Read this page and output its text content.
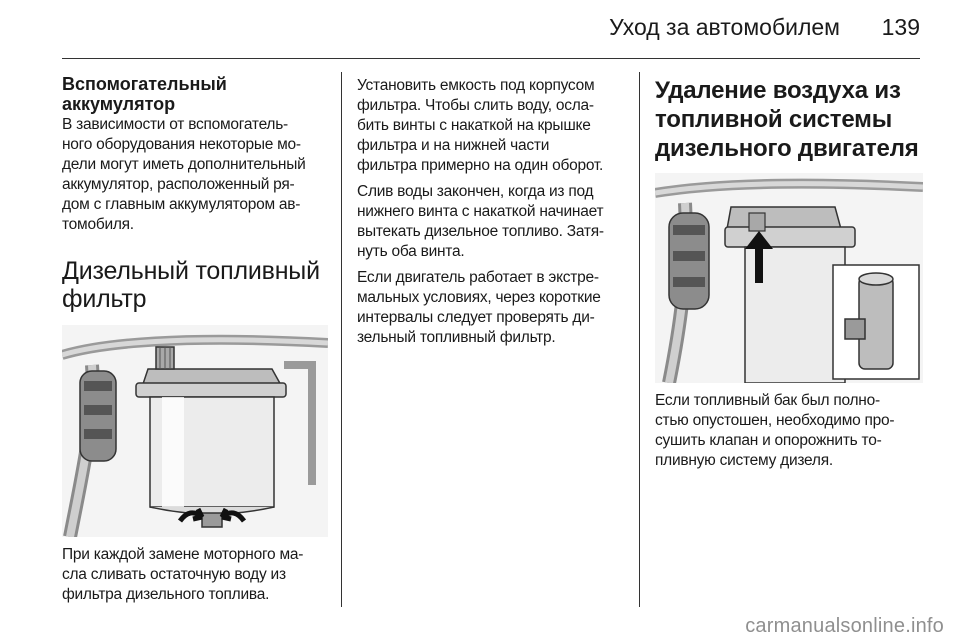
Уход за автомобилем 139
Вспомогательный
аккумулятор

В зависимости от вспомогатель-
ного оборудования некоторые мо-
дели могут иметь дополнительный
аккумулятор, расположенный ря-
дом с главным аккумулятором ав-
томобиля.

Дизельный топливный
фильтр

При каждой замене моторного ма-
сла сливать остаточную воду из
фильтра дизельного топлива.

Установить емкость под корпусом
фильтра. Чтобы слить воду, осла-
бить винты с накаткой на крышке
фильтра и на нижней части
фильтра примерно на один оборот.

Слив воды закончен, когда из под
нижнего винта с накаткой начинает
вытекать дизельное топливо. Затя-
нуть оба винта.

Если двигатель работает в экстре-
мальных условиях, через короткие
интервалы следует проверять ди-
зельный топливный фильтр.

Удаление воздуха из
топливной системы
дизельного двигателя

Если топливный бак был полно-
стью опустошен, необходимо про-
сушить клапан и опорожнить то-
пливную систему дизеля.

carmanualsonline.info
